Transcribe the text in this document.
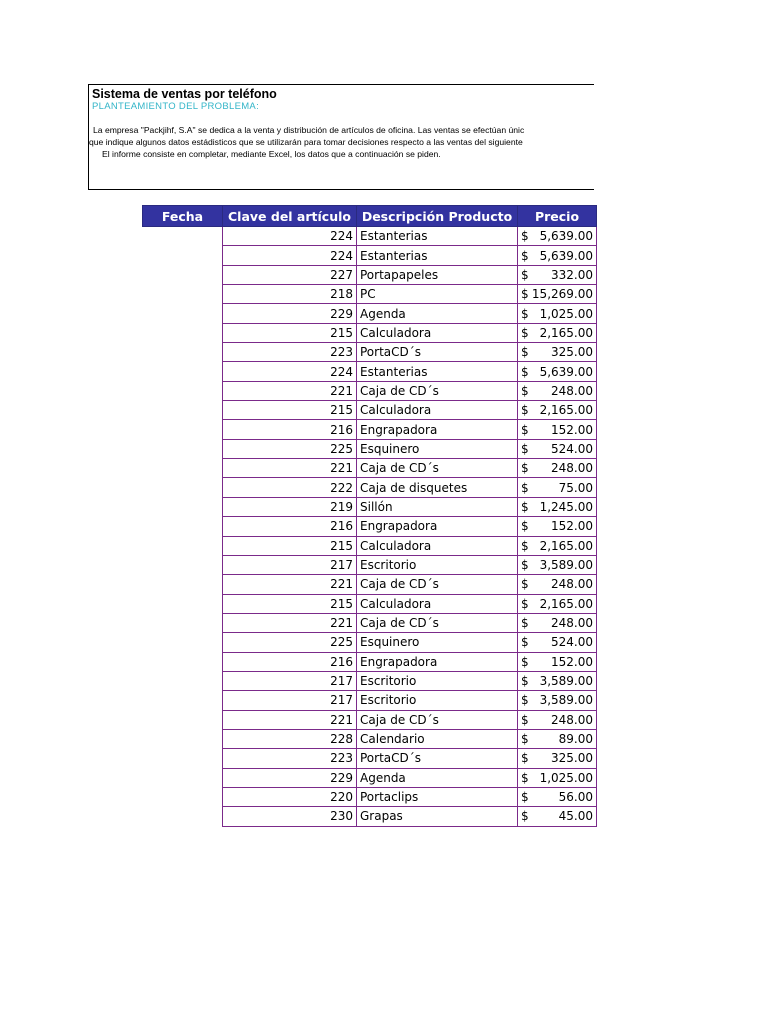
Sistema de ventas por teléfono
PLANTEAMIENTO DEL PROBLEMA:
La empresa "Packjihf, S.A" se dedica a la venta y distribución de artículos de oficina. Las ventas se efectúan únic
que indique algunos datos estádisticos que se utilizarán para tomar decisiones respecto a las ventas del siguiente
El informe consiste en completar, mediante Excel, los datos que a continuación se piden.
Fecha	Clave del artículo	Descripción Producto	Precio
	224	Estanterias	$ 5,639.00

	224	Estanterias	$ 5,639.00

	227	Portapapeles	$ 332.00

	218	PC	$ 15,269.00

	229	Agenda	$ 1,025.00

	215	Calculadora	$ 2,165.00

	223	PortaCD´s	$ 325.00

	224	Estanterias	$ 5,639.00

	221	Caja de CD´s	$ 248.00

	215	Calculadora	$ 2,165.00

	216	Engrapadora	$ 152.00

	225	Esquinero	$ 524.00

	221	Caja de CD´s	$ 248.00

	222	Caja de disquetes	$ 75.00

	219	Sillón	$ 1,245.00

	216	Engrapadora	$ 152.00

	215	Calculadora	$ 2,165.00

	217	Escritorio	$ 3,589.00

	221	Caja de CD´s	$ 248.00

	215	Calculadora	$ 2,165.00

	221	Caja de CD´s	$ 248.00

	225	Esquinero	$ 524.00

	216	Engrapadora	$ 152.00

	217	Escritorio	$ 3,589.00

	217	Escritorio	$ 3,589.00

	221	Caja de CD´s	$ 248.00

	228	Calendario	$ 89.00

	223	PortaCD´s	$ 325.00

	229	Agenda	$ 1,025.00

	220	Portaclips	$ 56.00

	230	Grapas	$ 45.00
